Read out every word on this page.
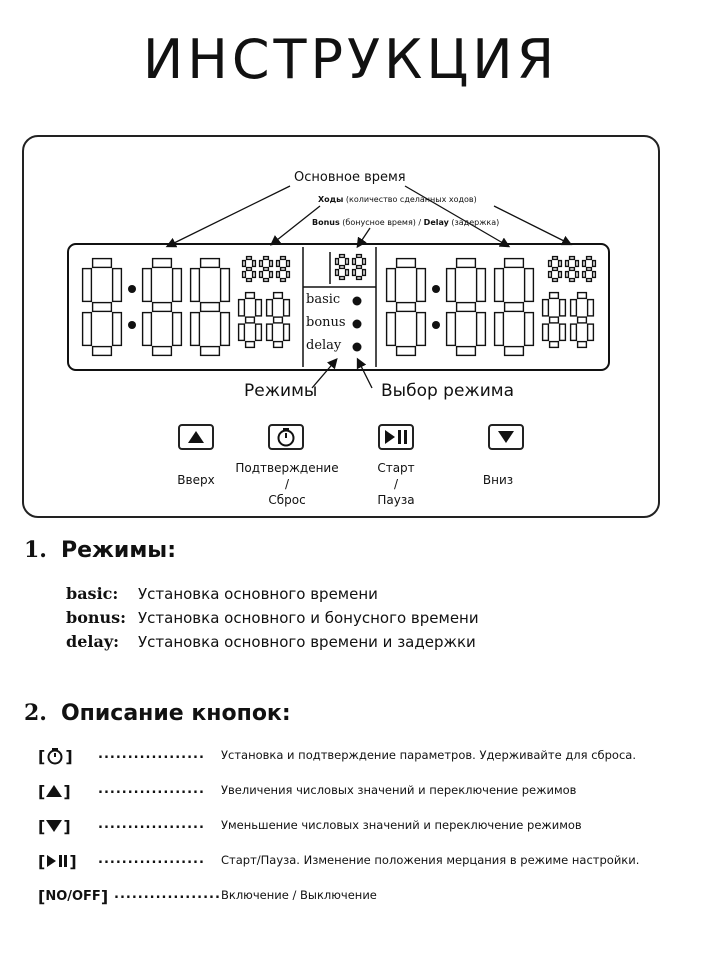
ИНСТРУКЦИЯ
Основное время
Ходы (количество сделанных ходов)
Bonus (бонусное время) / Delay (задержка)
basic
bonus
delay
Режимы	Выбор режима
Вверх
Подтверждение
/
Сброс
Старт
/
Пауза
Вниз
1. Режимы:
basic: Установка основного времени
bonus: Установка основного и бонусного времени
delay: Установка основного времени и задержки
2. Описание кнопок:
[ ] .................. Установка и подтверждение параметров. Удерживайте для сброса.
[ ] .................. Увеличения числовых значений и переключение режимов
[ ] .................. Уменьшение числовых значений и переключение режимов
[ ] .................. Старт/Пауза. Изменение положения мерцания в режиме настройки.
[ NO/OFF ] .................. Включение / Выключение
